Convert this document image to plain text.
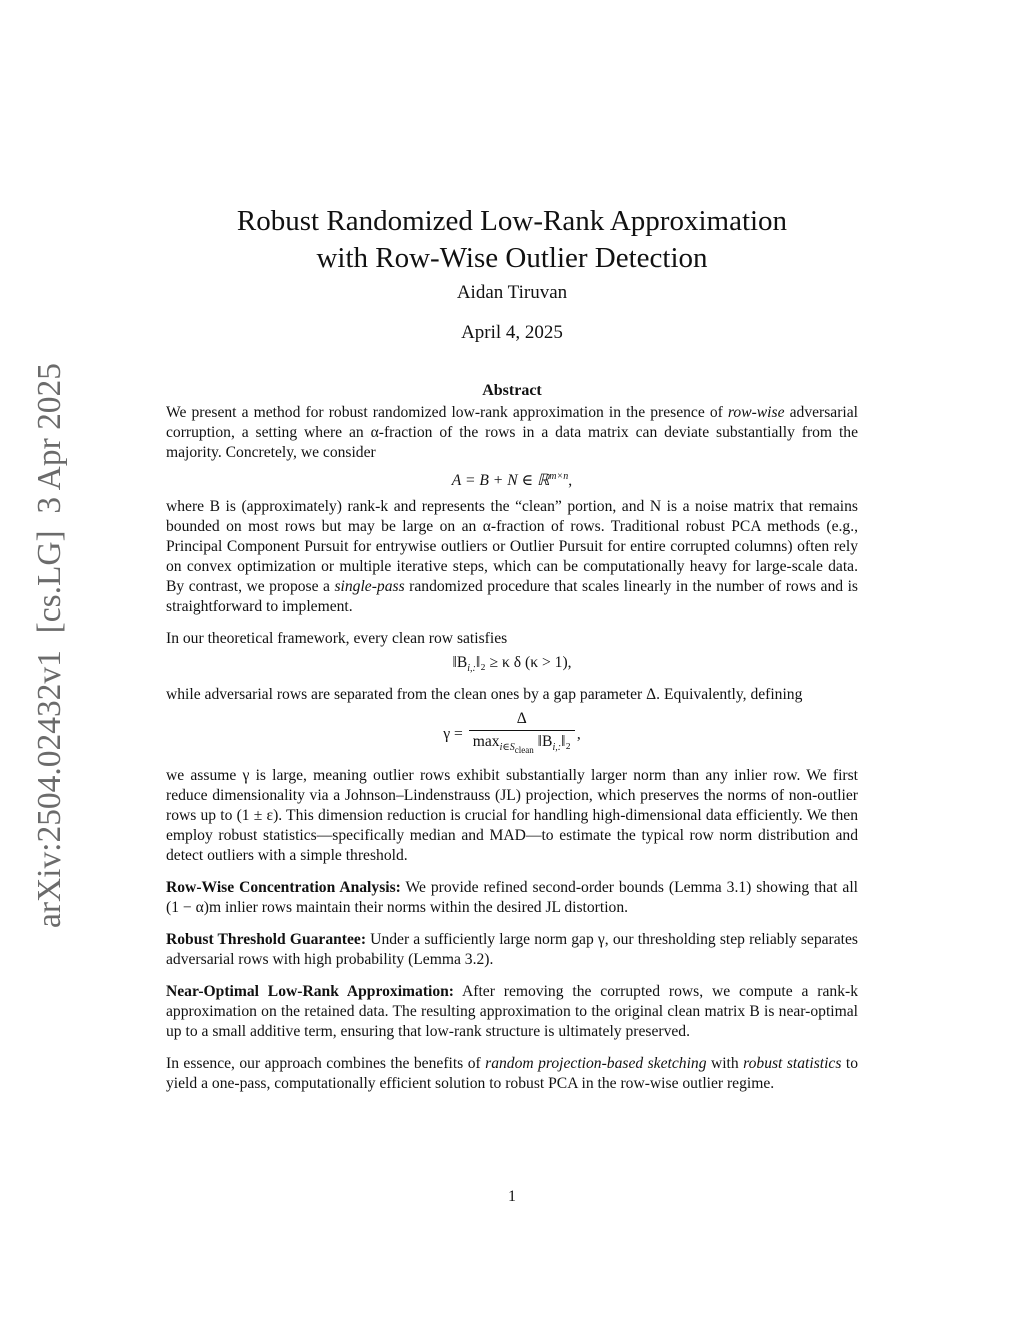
arXiv:2504.02432v1  [cs.LG]  3 Apr 2025
Robust Randomized Low-Rank Approximation
with Row-Wise Outlier Detection
Aidan Tiruvan
April 4, 2025
Abstract

We present a method for robust randomized low-rank approximation in the presence of row-wise adversarial corruption, a setting where an α-fraction of the rows in a data matrix can deviate substantially from the majority. Concretely, we consider

A = B + N ∈ ℝ$^{m\times n}$,

where B is (approximately) rank-k and represents the “clean” portion, and N is a noise matrix that remains bounded on most rows but may be large on an α-fraction of rows. Traditional robust PCA methods (e.g., Principal Component Pursuit for entrywise outliers or Outlier Pursuit for entire corrupted columns) often rely on convex optimization or multiple iterative steps, which can be computationally heavy for large-scale data. By contrast, we propose a single-pass randomized procedure that scales linearly in the number of rows and is straightforward to implement.

In our theoretical framework, every clean row satisfies

$‖B_{i,:}‖_2 \ge \kappa$ δ (κ > 1),

while adversarial rows are separated from the clean ones by a gap parameter Δ. Equivalently, defining

$\gamma = \frac{\Delta}{\max_{i\in S_{clean}} ‖B_{i,:}‖_2}$ ,

we assume γ is large, meaning outlier rows exhibit substantially larger norm than any inlier row. We first reduce dimensionality via a Johnson–Lindenstrauss (JL) projection, which preserves the norms of non-outlier rows up to (1 ± ε). This dimension reduction is crucial for handling high-dimensional data efficiently. We then employ robust statistics—specifically median and MAD—to estimate the typical row norm distribution and detect outliers with a simple threshold.

Row-Wise Concentration Analysis: We provide refined second-order bounds (Lemma 3.1) showing that all (1 − α)m inlier rows maintain their norms within the desired JL distortion.

Robust Threshold Guarantee: Under a sufficiently large norm gap γ, our thresholding step reliably separates adversarial rows with high probability (Lemma 3.2).

Near-Optimal Low-Rank Approximation: After removing the corrupted rows, we compute a rank-k approximation on the retained data. The resulting approximation to the original clean matrix B is near-optimal up to a small additive term, ensuring that low-rank structure is ultimately preserved.

In essence, our approach combines the benefits of random projection-based sketching with robust statistics to yield a one-pass, computationally efficient solution to robust PCA in the row-wise outlier regime.

1
